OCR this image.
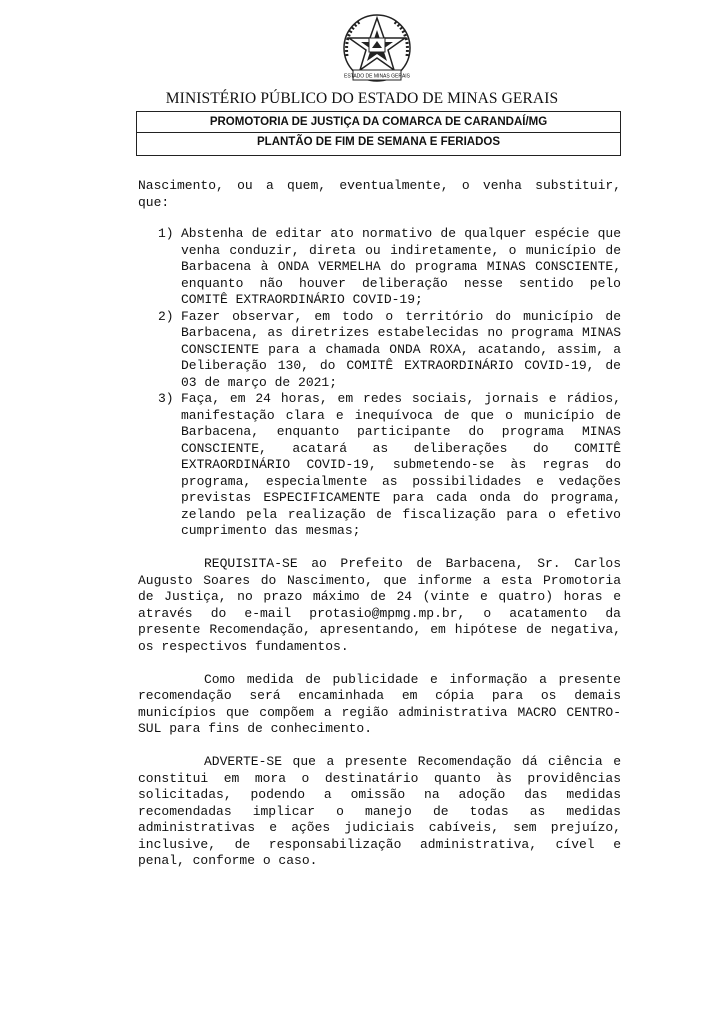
ESTADO DE MINAS GERAIS
MINISTÉRIO PÚBLICO DO ESTADO DE MINAS GERAIS
PROMOTORIA DE JUSTIÇA DA COMARCA DE CARANDAÍ/MG
PLANTÃO DE FIM DE SEMANA E FERIADOS

Nascimento, ou a quem, eventualmente, o venha substituir, que:

1) Abstenha de editar ato normativo de qualquer espécie que venha conduzir, direta ou indiretamente, o município de Barbacena à ONDA VERMELHA do programa MINAS CONSCIENTE, enquanto não houver deliberação nesse sentido pelo COMITÊ EXTRAORDINÁRIO COVID-19;
2) Fazer observar, em todo o território do município de Barbacena, as diretrizes estabelecidas no programa MINAS CONSCIENTE para a chamada ONDA ROXA, acatando, assim, a Deliberação 130, do COMITÊ EXTRAORDINÁRIO COVID-19, de 03 de março de 2021;
3) Faça, em 24 horas, em redes sociais, jornais e rádios, manifestação clara e inequívoca de que o município de Barbacena, enquanto participante do programa MINAS CONSCIENTE, acatará as deliberações do COMITÊ EXTRAORDINÁRIO COVID-19, submetendo-se às regras do programa, especialmente as possibilidades e vedações previstas ESPECIFICAMENTE para cada onda do programa, zelando pela realização de fiscalização para o efetivo cumprimento das mesmas;

REQUISITA-SE ao Prefeito de Barbacena, Sr. Carlos Augusto Soares do Nascimento, que informe a esta Promotoria de Justiça, no prazo máximo de 24 (vinte e quatro) horas e através do e-mail protasio@mpmg.mp.br, o acatamento da presente Recomendação, apresentando, em hipótese de negativa, os respectivos fundamentos.

Como medida de publicidade e informação a presente recomendação será encaminhada em cópia para os demais municípios que compõem a região administrativa MACRO CENTRO-SUL para fins de conhecimento.

ADVERTE-SE que a presente Recomendação dá ciência e constitui em mora o destinatário quanto às providências solicitadas, podendo a omissão na adoção das medidas recomendadas implicar o manejo de todas as medidas administrativas e ações judiciais cabíveis, sem prejuízo, inclusive, de responsabilização administrativa, cível e penal, conforme o caso.
